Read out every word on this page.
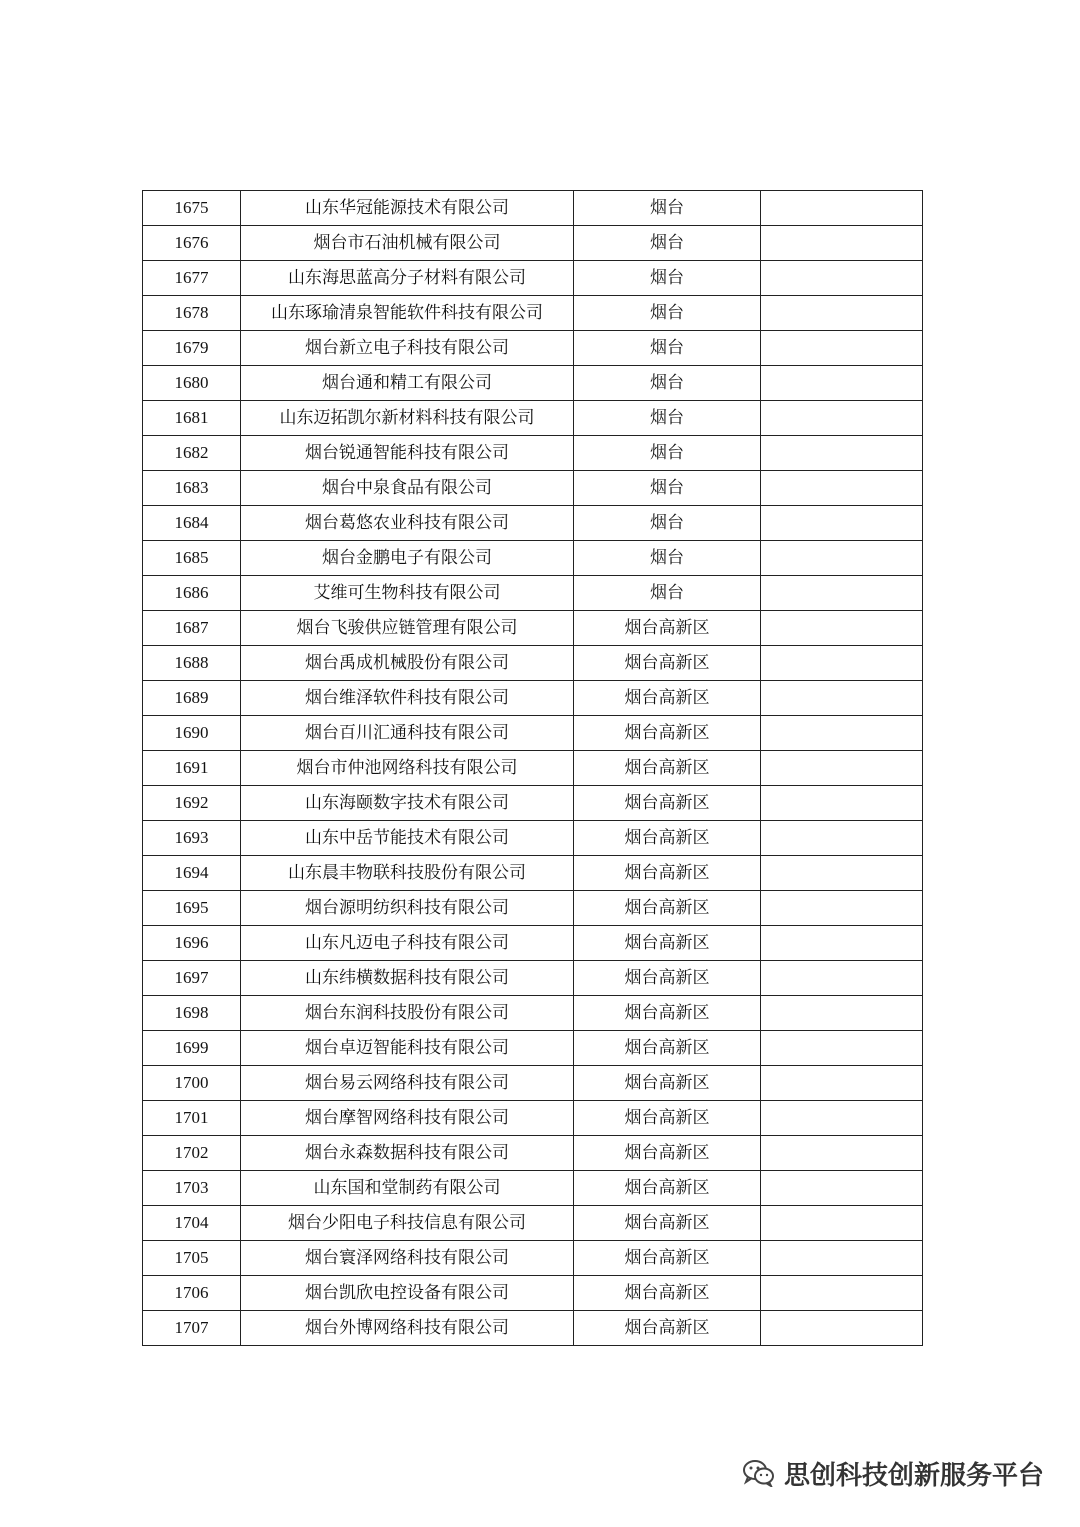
1675	山东华冠能源技术有限公司	烟台	
1676	烟台市石油机械有限公司	烟台	
1677	山东海思蓝高分子材料有限公司	烟台	
1678	山东琢瑜清泉智能软件科技有限公司	烟台	
1679	烟台新立电子科技有限公司	烟台	
1680	烟台通和精工有限公司	烟台	
1681	山东迈拓凯尔新材料科技有限公司	烟台	
1682	烟台锐通智能科技有限公司	烟台	
1683	烟台中泉食品有限公司	烟台	
1684	烟台葛悠农业科技有限公司	烟台	
1685	烟台金鹏电子有限公司	烟台	
1686	艾维可生物科技有限公司	烟台	
1687	烟台飞骏供应链管理有限公司	烟台高新区	
1688	烟台禹成机械股份有限公司	烟台高新区	
1689	烟台维泽软件科技有限公司	烟台高新区	
1690	烟台百川汇通科技有限公司	烟台高新区	
1691	烟台市仲池网络科技有限公司	烟台高新区	
1692	山东海颐数字技术有限公司	烟台高新区	
1693	山东中岳节能技术有限公司	烟台高新区	
1694	山东晨丰物联科技股份有限公司	烟台高新区	
1695	烟台源明纺织科技有限公司	烟台高新区	
1696	山东凡迈电子科技有限公司	烟台高新区	
1697	山东纬横数据科技有限公司	烟台高新区	
1698	烟台东润科技股份有限公司	烟台高新区	
1699	烟台卓迈智能科技有限公司	烟台高新区	
1700	烟台易云网络科技有限公司	烟台高新区	
1701	烟台摩智网络科技有限公司	烟台高新区	
1702	烟台永森数据科技有限公司	烟台高新区	
1703	山东国和堂制药有限公司	烟台高新区	
1704	烟台少阳电子科技信息有限公司	烟台高新区	
1705	烟台寰泽网络科技有限公司	烟台高新区	
1706	烟台凯欣电控设备有限公司	烟台高新区	
1707	烟台外博网络科技有限公司	烟台高新区	
思创科技创新服务平台
